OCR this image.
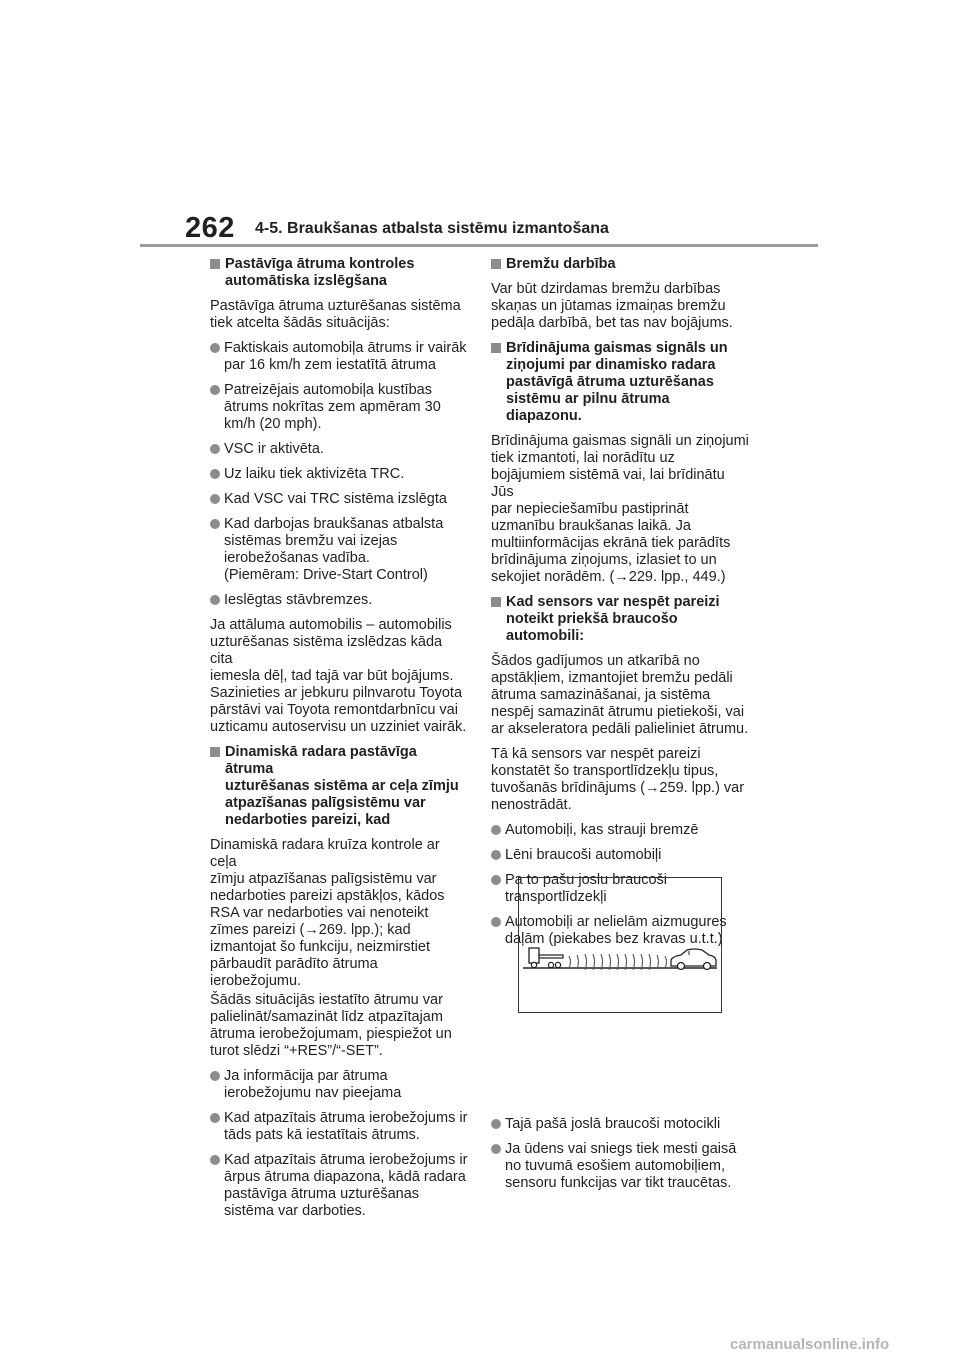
262 4-5. Braukšanas atbalsta sistēmu izmantošana
Pastāvīga ātruma kontroles
automātiska izslēgšana
Pastāvīga ātruma uzturēšanas sistēma
tiek atcelta šādās situācijās:
Faktiskais automobiļa ātrums ir vairāk
par 16 km/h zem iestatītā ātruma
Patreizējais automobiļa kustības
ātrums nokrītas zem apmēram 30
km/h (20 mph).
VSC ir aktivēta.
Uz laiku tiek aktivizēta TRC.
Kad VSC vai TRC sistēma izslēgta
Kad darbojas braukšanas atbalsta
sistēmas bremžu vai izejas
ierobežošanas vadība.
(Piemēram: Drive-Start Control)
Ieslēgtas stāvbremzes.
Ja attāluma automobilis – automobilis
uzturēšanas sistēma izslēdzas kāda cita
iemesla dēļ, tad tajā var būt bojājums.
Sazinieties ar jebkuru pilnvarotu Toyota
pārstāvi vai Toyota remontdarbnīcu vai
uzticamu autoservisu un uzziniet vairāk.
Dinamiskā radara pastāvīga ātruma
uzturēšanas sistēma ar ceļa zīmju
atpazīšanas palīgsistēmu var
nedarboties pareizi, kad
Dinamiskā radara kruīza kontrole ar ceļa
zīmju atpazīšanas palīgsistēmu var
nedarboties pareizi apstākļos, kādos
RSA var nedarboties vai nenoteikt
zīmes pareizi (→269. lpp.); kad
izmantojat šo funkciju, neizmirstiet
pārbaudīt parādīto ātruma
ierobežojumu.
Šādās situācijās iestatīto ātrumu var
palielināt/samazināt līdz atpazītajam
ātruma ierobežojumam, piespiežot un
turot slēdzi “+RES”/“-SET”.
Ja informācija par ātruma
ierobežojumu nav pieejama
Kad atpazītais ātruma ierobežojums ir
tāds pats kā iestatītais ātrums.
Kad atpazītais ātruma ierobežojums ir
ārpus ātruma diapazona, kādā radara
pastāvīga ātruma uzturēšanas
sistēma var darboties.
Bremžu darbība
Var būt dzirdamas bremžu darbības
skaņas un jūtamas izmaiņas bremžu
pedāļa darbībā, bet tas nav bojājums.
Brīdinājuma gaismas signāls un
ziņojumi par dinamisko radara
pastāvīgā ātruma uzturēšanas
sistēmu ar pilnu ātruma diapazonu.
Brīdinājuma gaismas signāli un ziņojumi
tiek izmantoti, lai norādītu uz
bojājumiem sistēmā vai, lai brīdinātu Jūs
par nepieciešamību pastiprināt
uzmanību braukšanas laikā. Ja
multiinformācijas ekrānā tiek parādīts
brīdinājuma ziņojums, izlasiet to un
sekojiet norādēm. (→229. lpp., 449.)
Kad sensors var nespēt pareizi
noteikt priekšā braucošo
automobili:
Šādos gadījumos un atkarībā no
apstākļiem, izmantojiet bremžu pedāli
ātruma samazināšanai, ja sistēma
nespēj samazināt ātrumu pietiekoši, vai
ar akseleratora pedāli palieliniet ātrumu.
Tā kā sensors var nespēt pareizi
konstatēt šo transportlīdzekļu tipus,
tuvošanās brīdinājums (→259. lpp.) var
nenostrādāt.
Automobiļi, kas strauji bremzē
Lēni braucoši automobiļi
Pa to pašu joslu braucoši
transportlīdzekļi
Automobiļi ar nelielām aizmugures
daļām (piekabes bez kravas u.t.t.)
Tajā pašā joslā braucoši motocikli
Ja ūdens vai sniegs tiek mesti gaisā
no tuvumā esošiem automobiļiem,
sensoru funkcijas var tikt traucētas.
carmanualsonline.info
